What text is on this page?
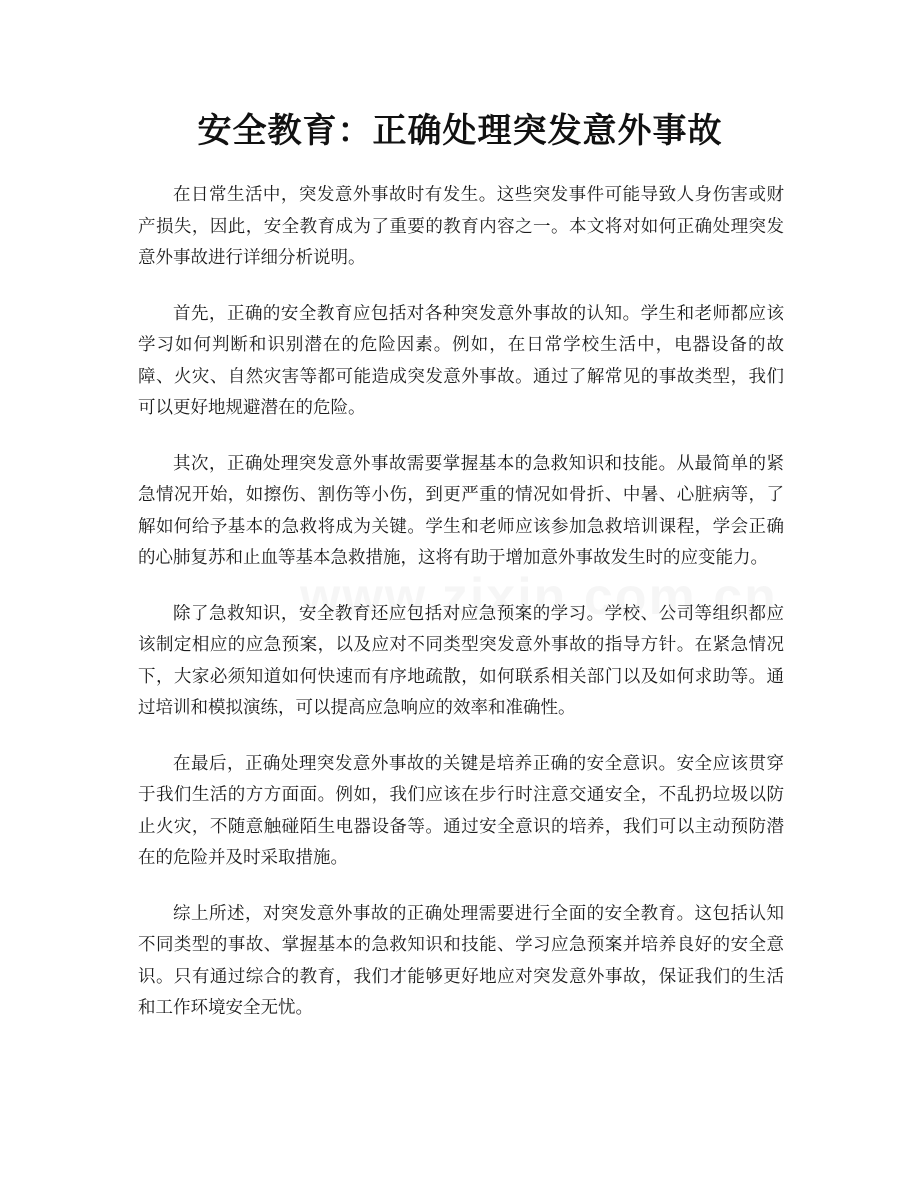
安全教育：正确处理突发意外事故

在日常生活中，突发意外事故时有发生。这些突发事件可能导致人身伤害或财产损失，因此，安全教育成为了重要的教育内容之一。本文将对如何正确处理突发意外事故进行详细分析说明。

首先，正确的安全教育应包括对各种突发意外事故的认知。学生和老师都应该学习如何判断和识别潜在的危险因素。例如，在日常学校生活中，电器设备的故障、火灾、自然灾害等都可能造成突发意外事故。通过了解常见的事故类型，我们可以更好地规避潜在的危险。

其次，正确处理突发意外事故需要掌握基本的急救知识和技能。从最简单的紧急情况开始，如擦伤、割伤等小伤，到更严重的情况如骨折、中暑、心脏病等，了解如何给予基本的急救将成为关键。学生和老师应该参加急救培训课程，学会正确的心肺复苏和止血等基本急救措施，这将有助于增加意外事故发生时的应变能力。

除了急救知识，安全教育还应包括对应急预案的学习。学校、公司等组织都应该制定相应的应急预案，以及应对不同类型突发意外事故的指导方针。在紧急情况下，大家必须知道如何快速而有序地疏散，如何联系相关部门以及如何求助等。通过培训和模拟演练，可以提高应急响应的效率和准确性。

在最后，正确处理突发意外事故的关键是培养正确的安全意识。安全应该贯穿于我们生活的方方面面。例如，我们应该在步行时注意交通安全，不乱扔垃圾以防止火灾，不随意触碰陌生电器设备等。通过安全意识的培养，我们可以主动预防潜在的危险并及时采取措施。

综上所述，对突发意外事故的正确处理需要进行全面的安全教育。这包括认知不同类型的事故、掌握基本的急救知识和技能、学习应急预案并培养良好的安全意识。只有通过综合的教育，我们才能够更好地应对突发意外事故，保证我们的生活和工作环境安全无忧。
